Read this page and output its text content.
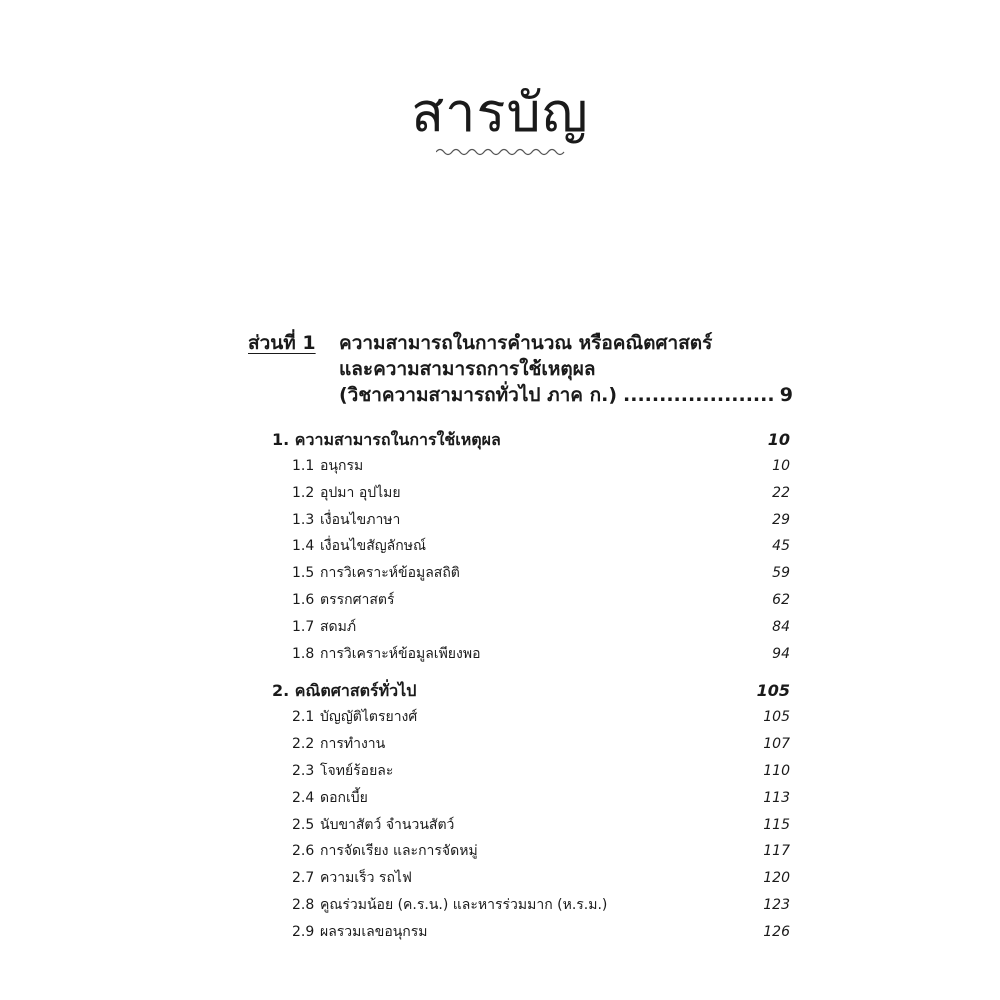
สารบัญ
ส่วนที่ 1 ความสามารถในการคำนวณ หรือคณิตศาสตร์
และความสามารถการใช้เหตุผล
(วิชาความสามารถทั่วไป ภาค ก.) .....	9
1. ความสามารถในการใช้เหตุผล	10
1.1 อนุกรม	10
1.2 อุปมา อุปไมย	22
1.3 เงื่อนไขภาษา	29
1.4 เงื่อนไขสัญลักษณ์	45
1.5 การวิเคราะห์ข้อมูลสถิติ	59
1.6 ตรรกศาสตร์	62
1.7 สดมภ์	84
1.8 การวิเคราะห์ข้อมูลเพียงพอ	94
2. คณิตศาสตร์ทั่วไป	105
2.1 บัญญัติไตรยางศ์	105
2.2 การทำงาน	107
2.3 โจทย์ร้อยละ	110
2.4 ดอกเบี้ย	113
2.5 นับขาสัตว์ จำนวนสัตว์	115
2.6 การจัดเรียง และการจัดหมู่	117
2.7 ความเร็ว รถไฟ	120
2.8 คูณร่วมน้อย (ค.ร.น.) และหารร่วมมาก (ห.ร.ม.)	123
2.9 ผลรวมเลขอนุกรม	126
